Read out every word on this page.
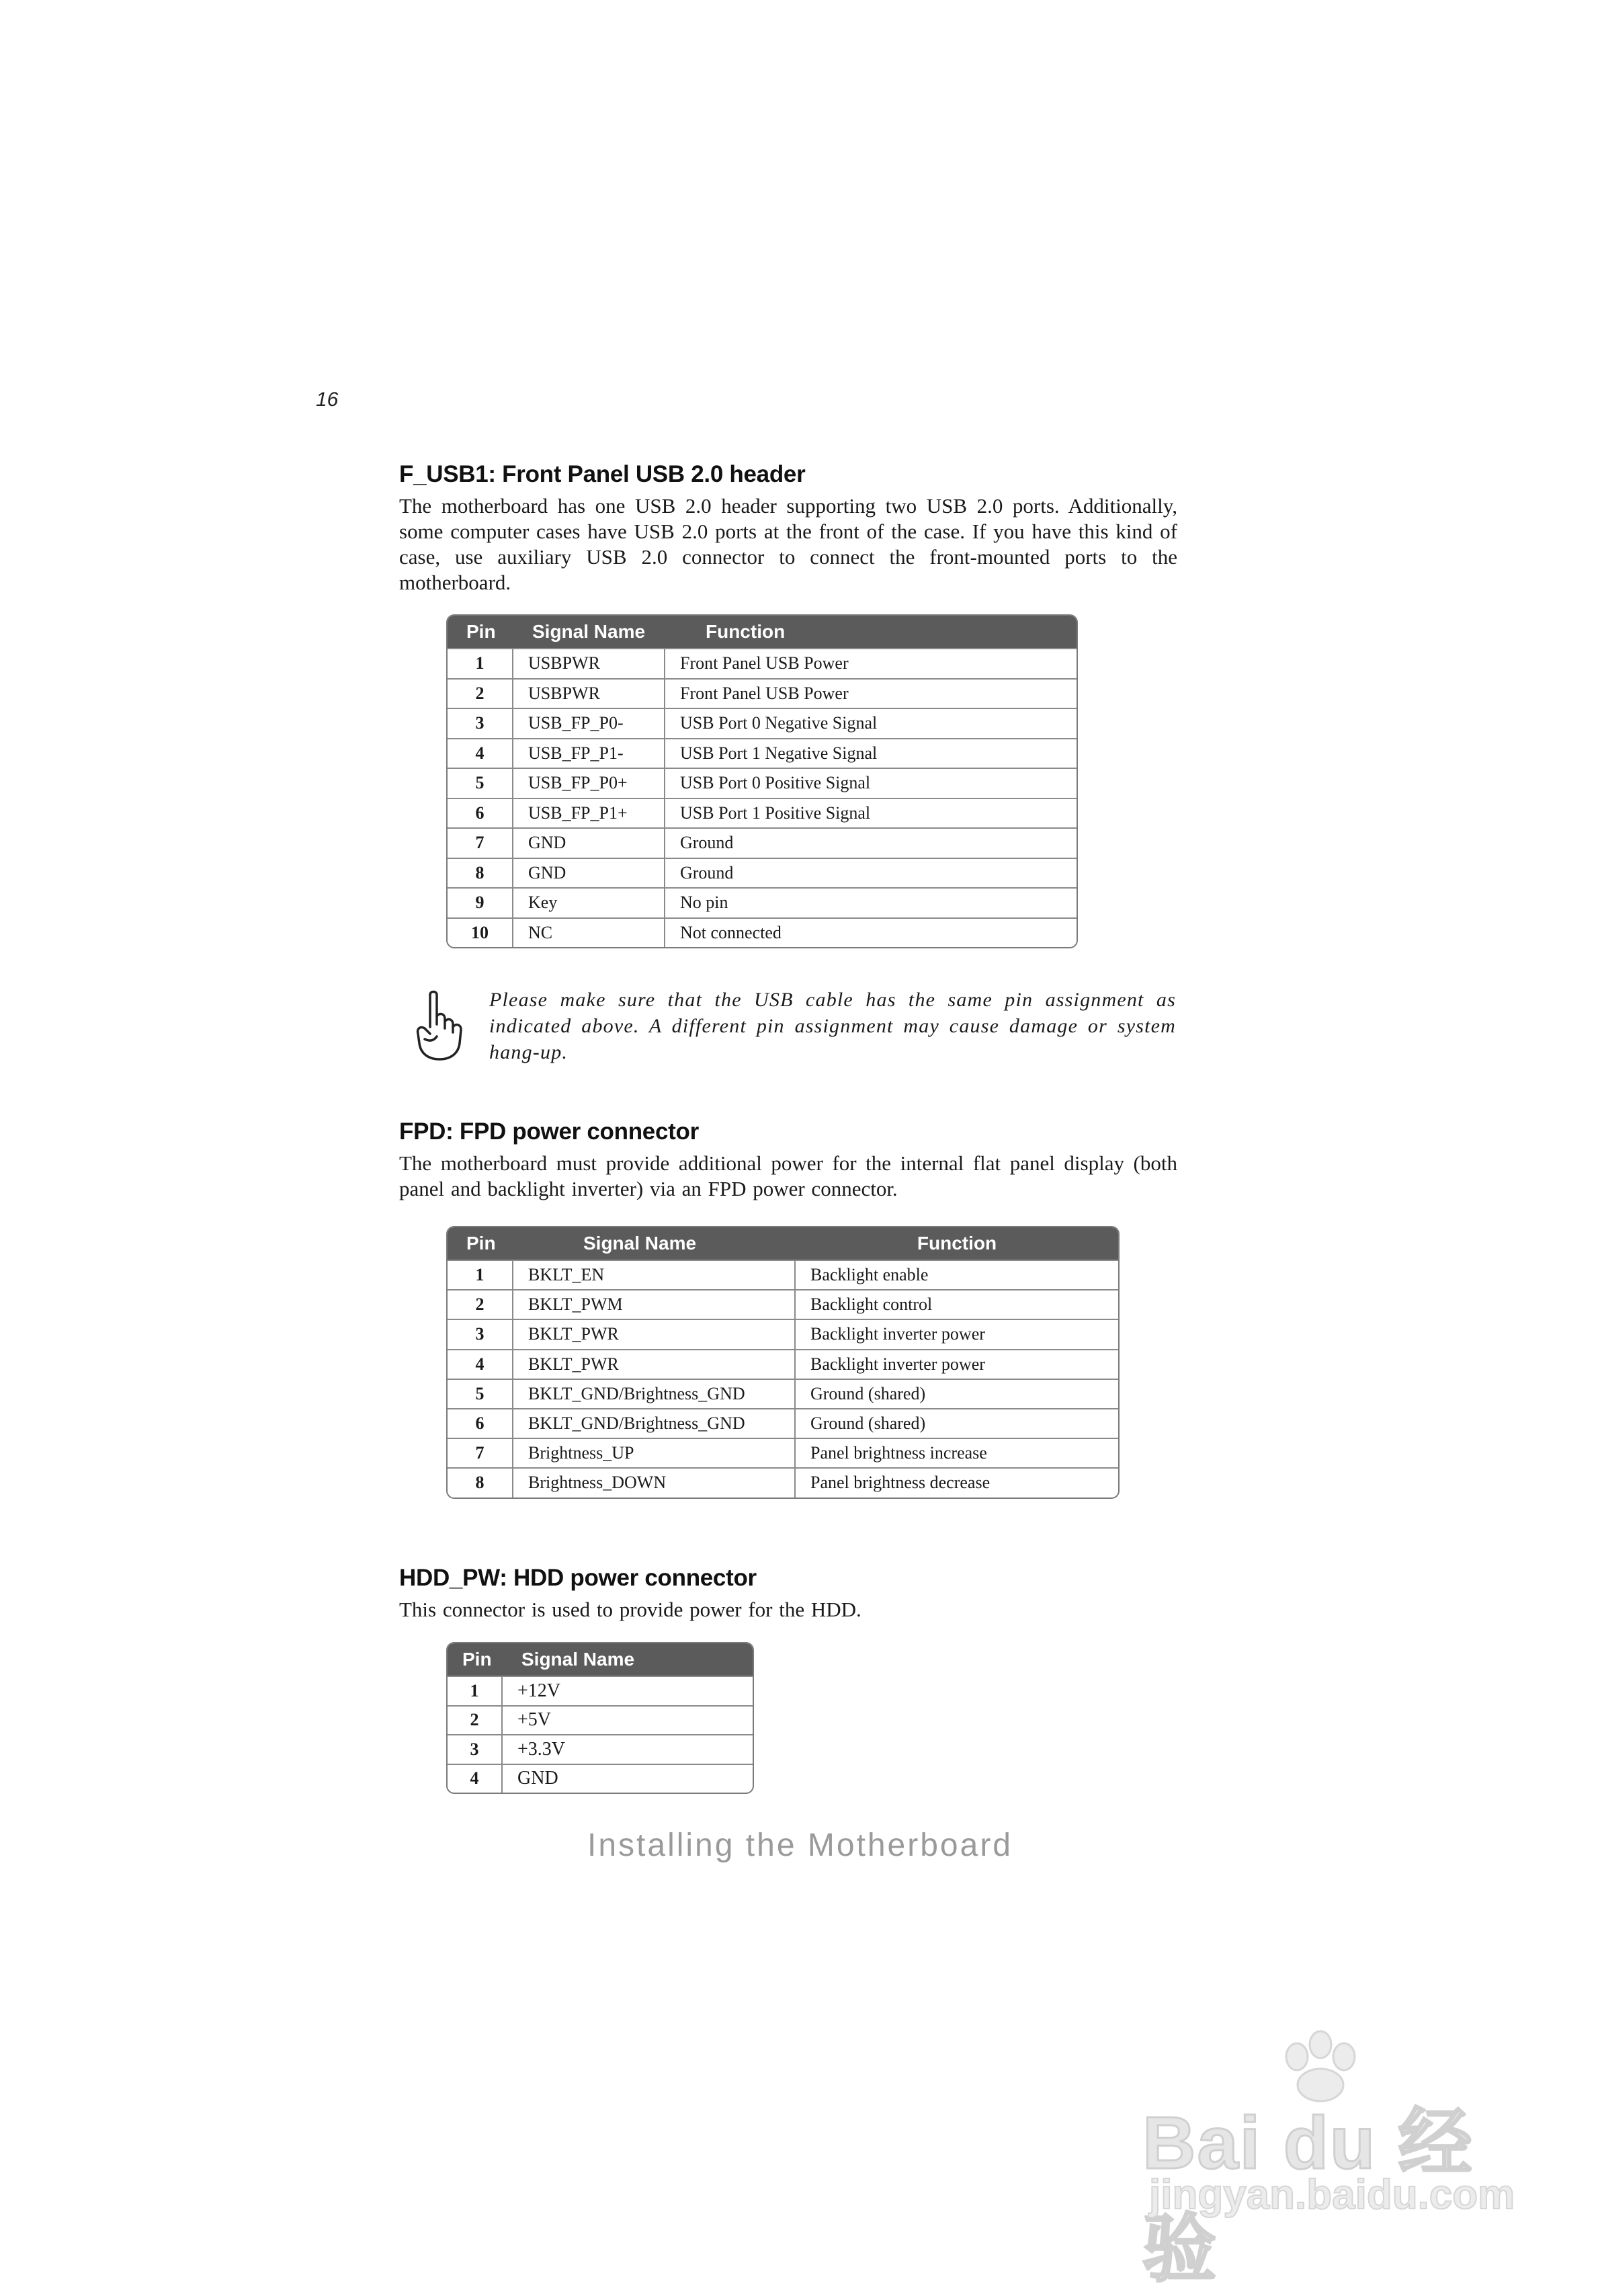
16
F_USB1: Front Panel USB 2.0 header

The motherboard has one USB 2.0 header supporting two USB 2.0 ports. Additionally, some computer cases have USB 2.0 ports at the front of the case. If you have this kind of case, use auxiliary USB 2.0 connector to connect the front-mounted ports to the motherboard.

Pin	Signal Name	Function
1	USBPWR	Front Panel USB Power
2	USBPWR	Front Panel USB Power
3	USB_FP_P0-	USB Port 0 Negative Signal
4	USB_FP_P1-	USB Port 1 Negative Signal
5	USB_FP_P0+	USB Port 0 Positive Signal
6	USB_FP_P1+	USB Port 1 Positive Signal
7	GND	Ground
8	GND	Ground
9	Key	No pin
10	NC	Not connected

Please make sure that the USB cable has the same pin assignment as indicated above. A different pin assignment may cause damage or system hang-up.

FPD: FPD power connector

The motherboard must provide additional power for the internal flat panel display (both panel and backlight inverter) via an FPD power connector.

Pin	Signal Name	Function
1	BKLT_EN	Backlight enable
2	BKLT_PWM	Backlight control
3	BKLT_PWR	Backlight inverter power
4	BKLT_PWR	Backlight inverter power
5	BKLT_GND/Brightness_GND	Ground (shared)
6	BKLT_GND/Brightness_GND	Ground (shared)
7	Brightness_UP	Panel brightness increase
8	Brightness_DOWN	Panel brightness decrease
HDD_PW: HDD power connector

This connector is used to provide power for the HDD.

Pin	Signal Name
1	+12V
2	+5V
3	+3.3V
4	GND
Installing the Motherboard
Bai du 经验
jingyan.baidu.com
